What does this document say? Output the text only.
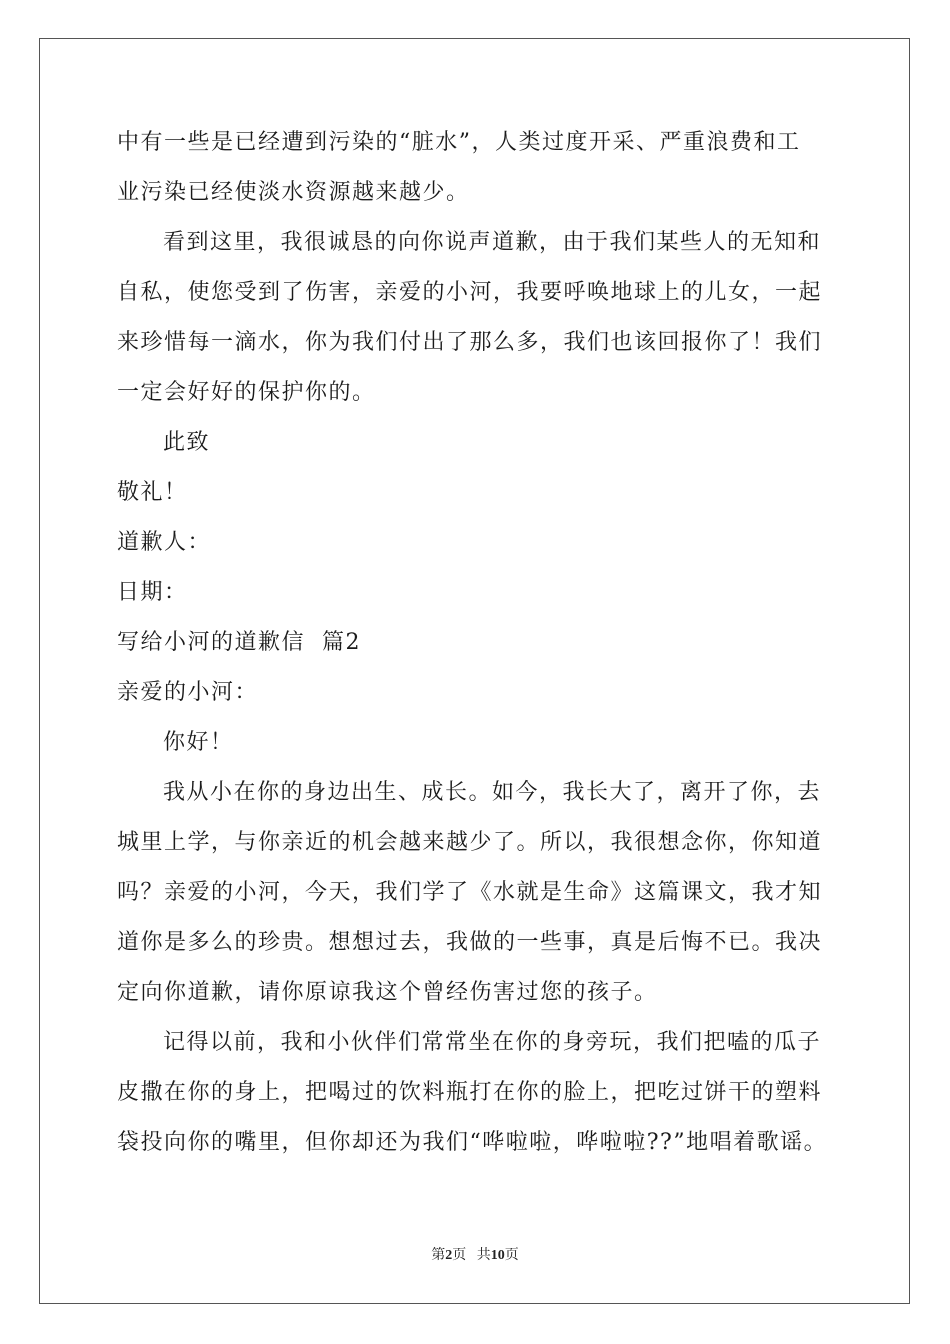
中有一些是已经遭到污染的“脏水”，人类过度开采、严重浪费和工
业污染已经使淡水资源越来越少。
看到这里，我很诚恳的向你说声道歉，由于我们某些人的无知和
自私，使您受到了伤害，亲爱的小河，我要呼唤地球上的儿女，一起
来珍惜每一滴水，你为我们付出了那么多，我们也该回报你了！我们
一定会好好的保护你的。
此致
敬礼！
道歉人：
日期：
写给小河的道歉信  篇2
亲爱的小河：
你好！
我从小在你的身边出生、成长。如今，我长大了，离开了你，去
城里上学，与你亲近的机会越来越少了。所以，我很想念你，你知道
吗？亲爱的小河，今天，我们学了《水就是生命》这篇课文，我才知
道你是多么的珍贵。想想过去，我做的一些事，真是后悔不已。我决
定向你道歉，请你原谅我这个曾经伤害过您的孩子。
记得以前，我和小伙伴们常常坐在你的身旁玩，我们把嗑的瓜子
皮撒在你的身上，把喝过的饮料瓶打在你的脸上，把吃过饼干的塑料
袋投向你的嘴里，但你却还为我们“哗啦啦，哗啦啦??”地唱着歌谣。
第2页 共10页
